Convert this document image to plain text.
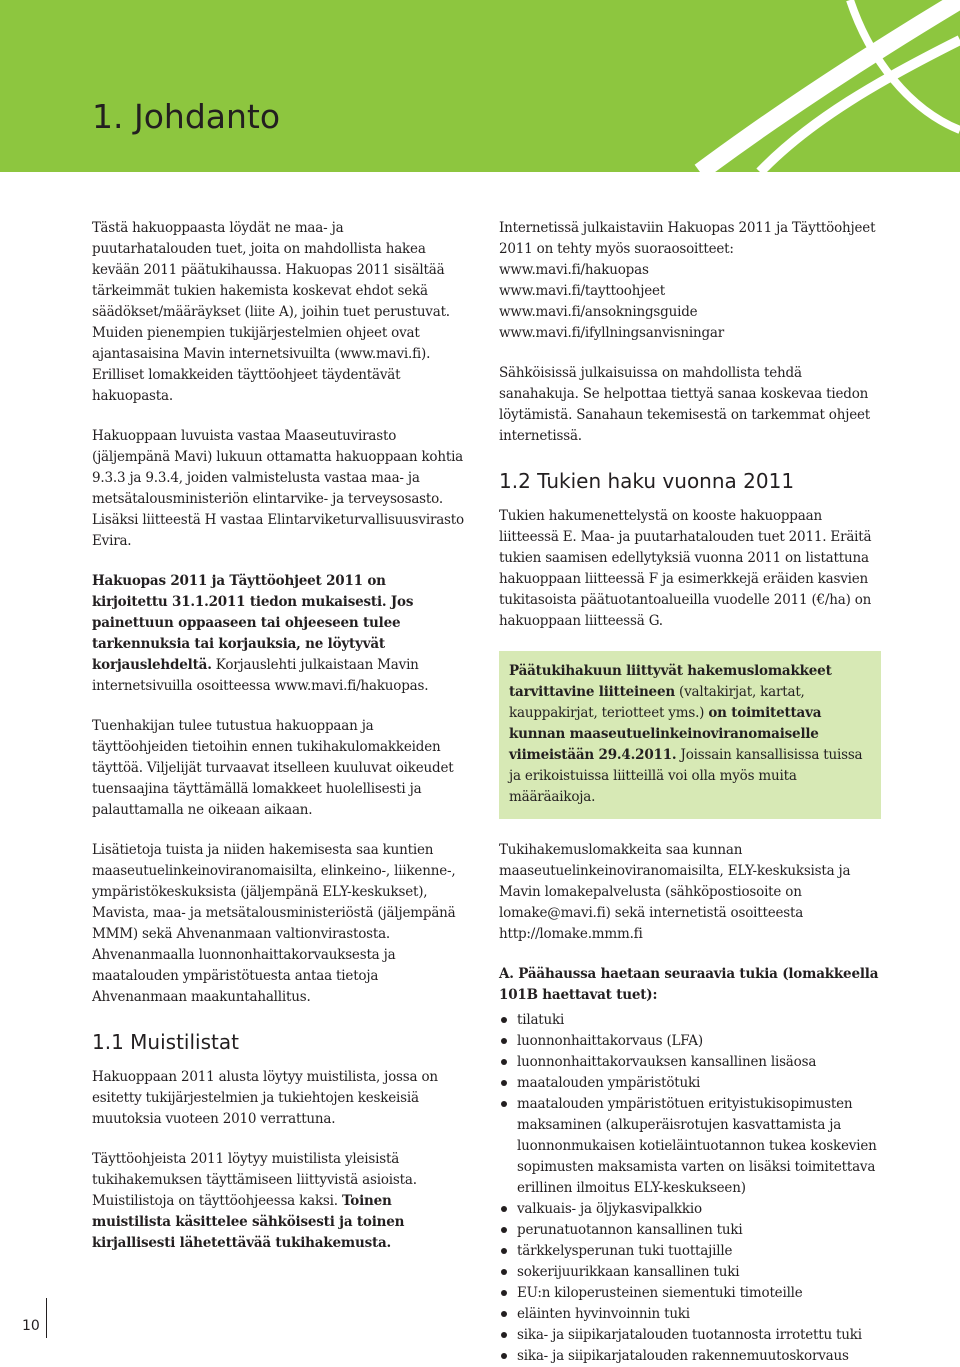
1. Johdanto

Tästä hakuoppaasta löydät ne maa- ja puutarhatalouden tuet, joita on mahdollista hakea kevään 2011 päätukihaussa. Hakuopas 2011 sisältää tärkeimmät tukien hakemista koskevat ehdot sekä säädökset/määräykset (liite A), joihin tuet perustuvat. Muiden pienempien tukijärjestelmien ohjeet ovat ajantasaisina Mavin internetsivuilta (www.mavi.fi). Erilliset lomakkeiden täyttöohjeet täydentävät hakuopasta.

Hakuoppaan luvuista vastaa Maaseutuvirasto (jäljempänä Mavi) lukuun ottamatta hakuoppaan kohtia 9.3.3 ja 9.3.4, joiden valmistelusta vastaa maa- ja metsätalousministeriön elintarvike- ja terveysosasto. Lisäksi liitteestä H vastaa Elintarviketurvallisuusvirasto Evira.

Hakuopas 2011 ja Täyttöohjeet 2011 on kirjoitettu 31.1.2011 tiedon mukaisesti. Jos painettuun oppaaseen tai ohjeeseen tulee tarkennuksia tai korjauksia, ne löytyvät korjauslehdeltä. Korjauslehti julkaistaan Mavin internetsivuilla osoitteessa www.mavi.fi/hakuopas.

Tuenhakijan tulee tutustua hakuoppaan ja täyttöohjeiden tietoihin ennen tukihakulomakkeiden täyttöä. Viljelijät turvaavat itselleen kuuluvat oikeudet tuensaajina täyttämällä lomakkeet huolellisesti ja palauttamalla ne oikeaan aikaan.

Lisätietoja tuista ja niiden hakemisesta saa kuntien maaseutuelinkeinoviranomaisilta, elinkeino-, liikenne-, ympäristökeskuksista (jäljempänä ELY-keskukset), Mavista, maa- ja metsätalousministeriöstä (jäljempänä MMM) sekä Ahvenanmaan valtionvirastosta. Ahvenanmaalla luonnonhaittakorvauksesta ja maatalouden ympäristötuesta antaa tietoja Ahvenanmaan maakuntahallitus.

1.1 Muistilistat

Hakuoppaan 2011 alusta löytyy muistilista, jossa on esitetty tukijärjestelmien ja tukiehtojen keskeisiä muutoksia vuoteen 2010 verrattuna.

Täyttöohjeista 2011 löytyy muistilista yleisistä tukihakemuksen täyttämiseen liittyvistä asioista. Muistilistoja on täyttöohjeessa kaksi. Toinen muistilista käsittelee sähköisesti ja toinen kirjallisesti lähetettävää tukihakemusta.

Internetissä julkaistaviin Hakuopas 2011 ja Täyttöohjeet 2011 on tehty myös suoraosoitteet:
www.mavi.fi/hakuopas
www.mavi.fi/tayttoohjeet
www.mavi.fi/ansokningsguide
www.mavi.fi/ifyllningsanvisningar

Sähköisissä julkaisuissa on mahdollista tehdä sanahakuja. Se helpottaa tiettyä sanaa koskevaa tiedon löytämistä. Sanahaun tekemisestä on tarkemmat ohjeet internetissä.

1.2 Tukien haku vuonna 2011

Tukien hakumenettelystä on kooste hakuoppaan liitteessä E. Maa- ja puutarhatalouden tuet 2011. Eräitä tukien saamisen edellytyksiä vuonna 2011 on listattuna hakuoppaan liitteessä F ja esimerkkejä eräiden kasvien tukitasoista päätuotantoalueilla vuodelle 2011 (€/ha) on hakuoppaan liitteessä G.

Päätukihakuun liittyvät hakemuslomakkeet tarvittavine liitteineen (valtakirjat, kartat, kauppakirjat, teriotteet yms.) on toimitettava kunnan maaseutuelinkeinoviranomaiselle viimeistään 29.4.2011. Joissain kansallisissa tuissa ja erikoistuissa liitteillä voi olla myös muita määräaikoja.

Tukihakemuslomakkeita saa kunnan maaseutuelinkeinoviranomaisilta, ELY-keskuksista ja Mavin lomakepalvelusta (sähköpostiosoite on lomake@mavi.fi) sekä internetistä osoitteesta http://lomake.mmm.fi

A. Päähaussa haetaan seuraavia tukia (lomakkeella 101B haettavat tuet):

tilatuki
luonnonhaittakorvaus (LFA)
luonnonhaittakorvauksen kansallinen lisäosa
maatalouden ympäristötuki
maatalouden ympäristötuen erityistukisopimusten maksaminen (alkuperäisrotujen kasvattamista ja luonnonmukaisen kotieläintuotannon tukea koskevien sopimusten maksamista varten on lisäksi toimitettava erillinen ilmoitus ELY-keskukseen)
valkuais- ja öljykasvipalkkio
perunatuotannon kansallinen tuki
tärkkelysperunan tuki tuottajille
sokerijuurikkaan kansallinen tuki
EU:n kiloperusteinen siementuki timoteille
eläinten hyvinvoinnin tuki
sika- ja siipikarjatalouden tuotannosta irrotettu tuki
sika- ja siipikarjatalouden rakennemuutoskorvaus
10
